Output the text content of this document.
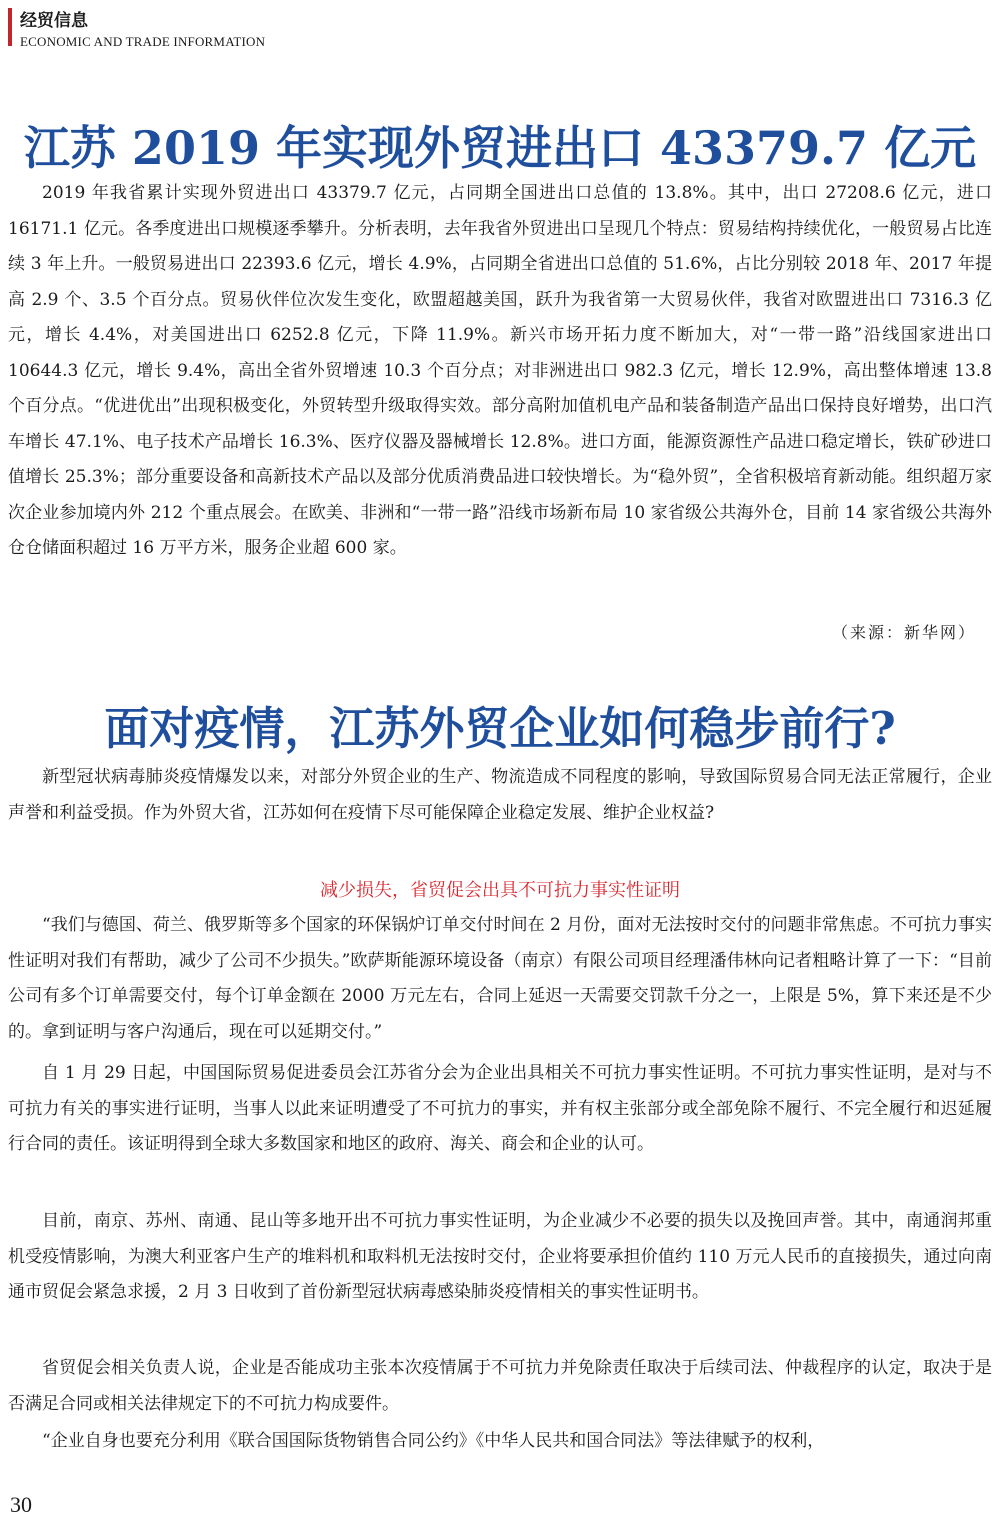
经贸信息
ECONOMIC AND TRADE INFORMATION
江苏 2019 年实现外贸进出口 43379.7 亿元

2019 年我省累计实现外贸进出口 43379.7 亿元，占同期全国进出口总值的 13.8%。其中，出口 27208.6 亿元，进口 16171.1 亿元。各季度进出口规模逐季攀升。分析表明，去年我省外贸进出口呈现几个特点：贸易结构持续优化，一般贸易占比连续 3 年上升。一般贸易进出口 22393.6 亿元，增长 4.9%，占同期全省进出口总值的 51.6%，占比分别较 2018 年、2017 年提高 2.9 个、3.5 个百分点。贸易伙伴位次发生变化，欧盟超越美国，跃升为我省第一大贸易伙伴，我省对欧盟进出口 7316.3 亿元，增长 4.4%，对美国进出口 6252.8 亿元，下降 11.9%。新兴市场开拓力度不断加大，对“一带一路”沿线国家进出口 10644.3 亿元，增长 9.4%，高出全省外贸增速 10.3 个百分点；对非洲进出口 982.3 亿元，增长 12.9%，高出整体增速 13.8 个百分点。“优进优出”出现积极变化，外贸转型升级取得实效。部分高附加值机电产品和装备制造产品出口保持良好增势，出口汽车增长 47.1%、电子技术产品增长 16.3%、医疗仪器及器械增长 12.8%。进口方面，能源资源性产品进口稳定增长，铁矿砂进口值增长 25.3%；部分重要设备和高新技术产品以及部分优质消费品进口较快增长。为“稳外贸”，全省积极培育新动能。组织超万家次企业参加境内外 212 个重点展会。在欧美、非洲和“一带一路”沿线市场新布局 10 家省级公共海外仓，目前 14 家省级公共海外仓仓储面积超过 16 万平方米，服务企业超 600 家。

（来源：新华网）
面对疫情，江苏外贸企业如何稳步前行?

新型冠状病毒肺炎疫情爆发以来，对部分外贸企业的生产、物流造成不同程度的影响，导致国际贸易合同无法正常履行，企业声誉和利益受损。作为外贸大省，江苏如何在疫情下尽可能保障企业稳定发展、维护企业权益?

减少损失，省贸促会出具不可抗力事实性证明

“我们与德国、荷兰、俄罗斯等多个国家的环保锅炉订单交付时间在 2 月份，面对无法按时交付的问题非常焦虑。不可抗力事实性证明对我们有帮助，减少了公司不少损失。”欧萨斯能源环境设备（南京）有限公司项目经理潘伟林向记者粗略计算了一下：“目前公司有多个订单需要交付，每个订单金额在 2000 万元左右，合同上延迟一天需要交罚款千分之一，上限是 5%，算下来还是不少的。拿到证明与客户沟通后，现在可以延期交付。”

自 1 月 29 日起，中国国际贸易促进委员会江苏省分会为企业出具相关不可抗力事实性证明。不可抗力事实性证明，是对与不可抗力有关的事实进行证明，当事人以此来证明遭受了不可抗力的事实，并有权主张部分或全部免除不履行、不完全履行和迟延履行合同的责任。该证明得到全球大多数国家和地区的政府、海关、商会和企业的认可。

目前，南京、苏州、南通、昆山等多地开出不可抗力事实性证明，为企业减少不必要的损失以及挽回声誉。其中，南通润邦重机受疫情影响，为澳大利亚客户生产的堆料机和取料机无法按时交付，企业将要承担价值约 110 万元人民币的直接损失，通过向南通市贸促会紧急求援，2 月 3 日收到了首份新型冠状病毒感染肺炎疫情相关的事实性证明书。

省贸促会相关负责人说，企业是否能成功主张本次疫情属于不可抗力并免除责任取决于后续司法、仲裁程序的认定，取决于是否满足合同或相关法律规定下的不可抗力构成要件。

“企业自身也要充分利用《联合国国际货物销售合同公约》《中华人民共和国合同法》等法律赋予的权利，

30
